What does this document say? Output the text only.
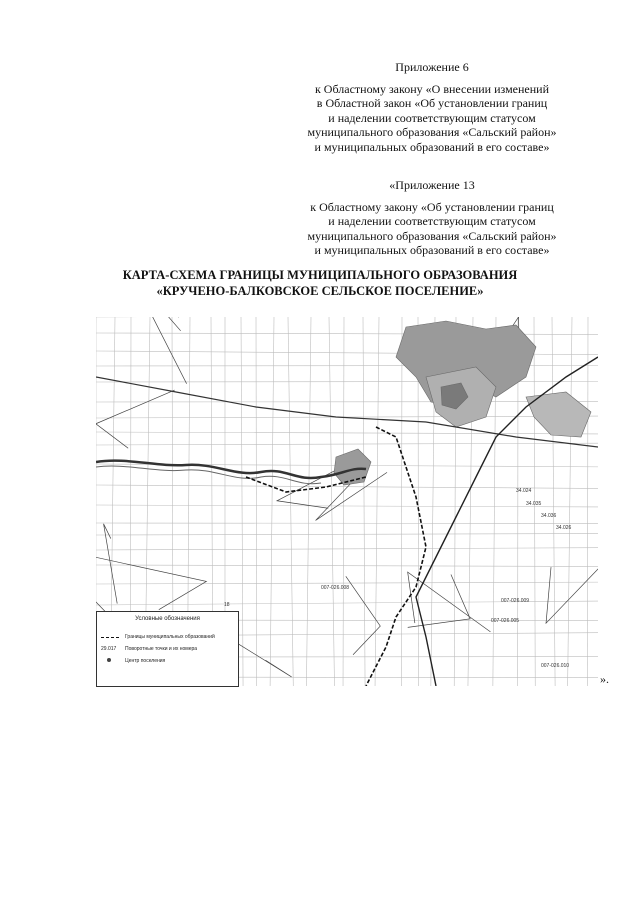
Приложение 6

к Областному закону «О внесении изменений

в Областной закон «Об установлении границ

и наделении соответствующим статусом

муниципального образования «Сальский район»

и муниципальных образований в его составе»

«Приложение 13

к Областному закону «Об установлении границ

и наделении соответствующим статусом

муниципального образования «Сальский район»

и муниципальных образований в его составе»

КАРТА-СХЕМА ГРАНИЦЫ МУНИЦИПАЛЬНОГО ОБРАЗОВАНИЯ

«КРУЧЕНО-БАЛКОВСКОЕ СЕЛЬСКОЕ ПОСЕЛЕНИЕ»

34.035
34.036
34.024
34.026
007-026.008
007-026.009
007-026.010
007-026.005
18
Условные обозначения
Границы муниципальных образований
29.017	Поворотные точки и их номера
Центр поселения
».
